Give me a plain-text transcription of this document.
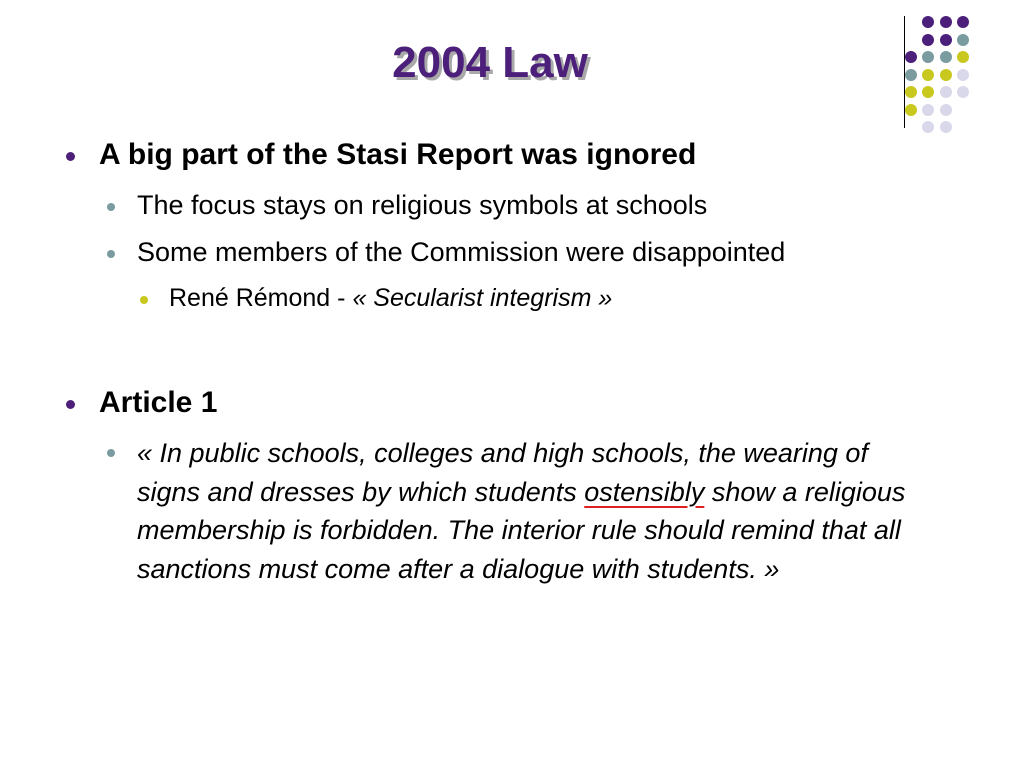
2004 Law
A big part of the Stasi Report was ignored
The focus stays on religious symbols at schools
Some members of the Commission were disappointed
René Rémond - « Secularist integrism »
Article 1

« In public schools, colleges and high schools, the wearing of signs and dresses by which students ostensibly show a religious membership is forbidden. The interior rule should remind that all sanctions must come after a dialogue with students. »
